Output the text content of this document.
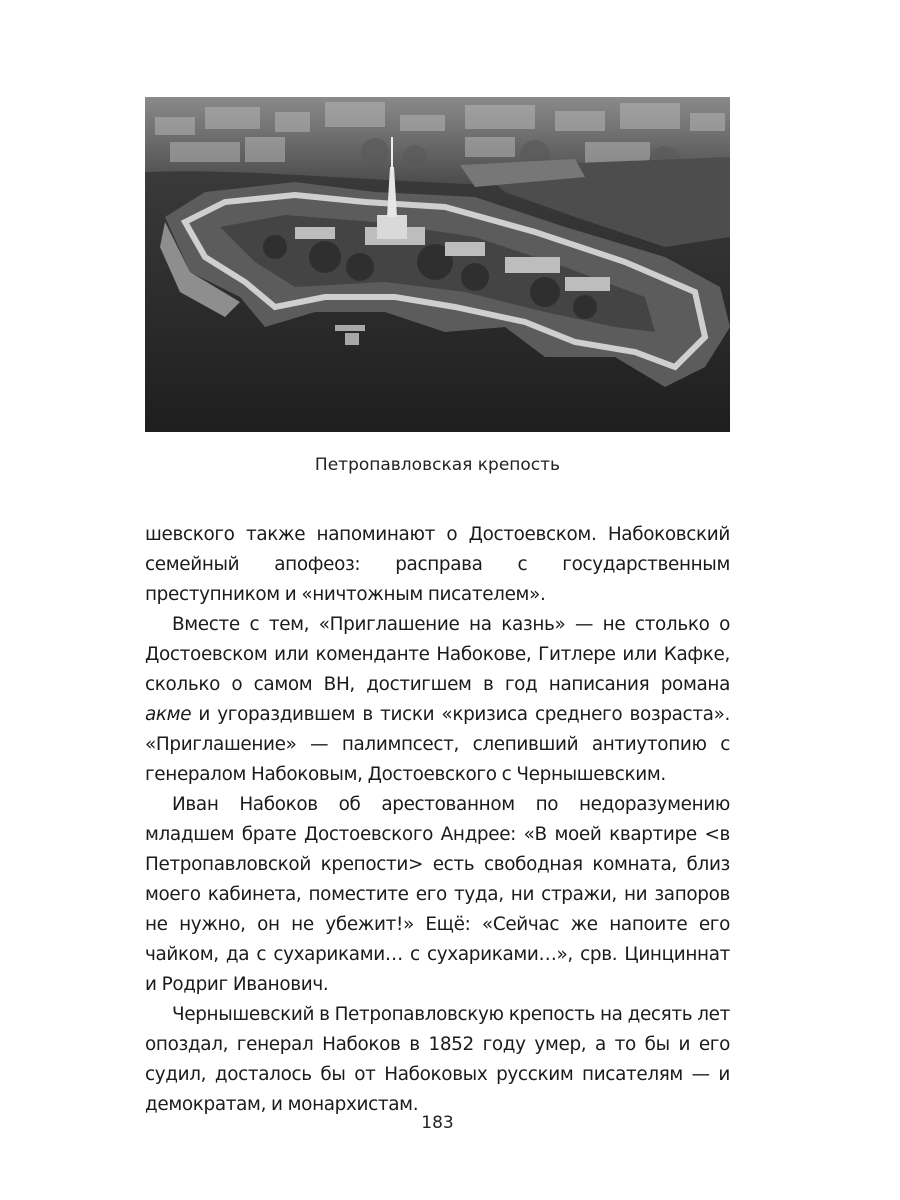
Петропавловская крепость

шевского также напоминают о Достоевском. Набоковский семейный апофеоз: расправа с государственным преступником и «ничтожным писателем».

Вместе с тем, «Приглашение на казнь» — не столько о Достоевском или коменданте Набокове, Гитлере или Кафке, сколько о самом ВН, достигшем в год написания романа акме и угораздившем в тиски «кризиса среднего возраста». «Приглашение» — палимпсест, слепивший антиутопию с генералом Набоковым, Достоевского с Чернышевским.

Иван Набоков об арестованном по недоразумению младшем брате Достоевского Андрее: «В моей квартире <в Петропавловской крепости> есть свободная комната, близ моего кабинета, поместите его туда, ни стражи, ни запоров не нужно, он не убежит!» Ещё: «Сейчас же напоите его чайком, да с сухариками… с сухариками…», срв. Цинциннат и Родриг Иванович.

Чернышевский в Петропавловскую крепость на десять лет опоздал, генерал Набоков в 1852 году умер, а то бы и его судил, досталось бы от Набоковых русским писателям — и демократам, и монархистам.

183
